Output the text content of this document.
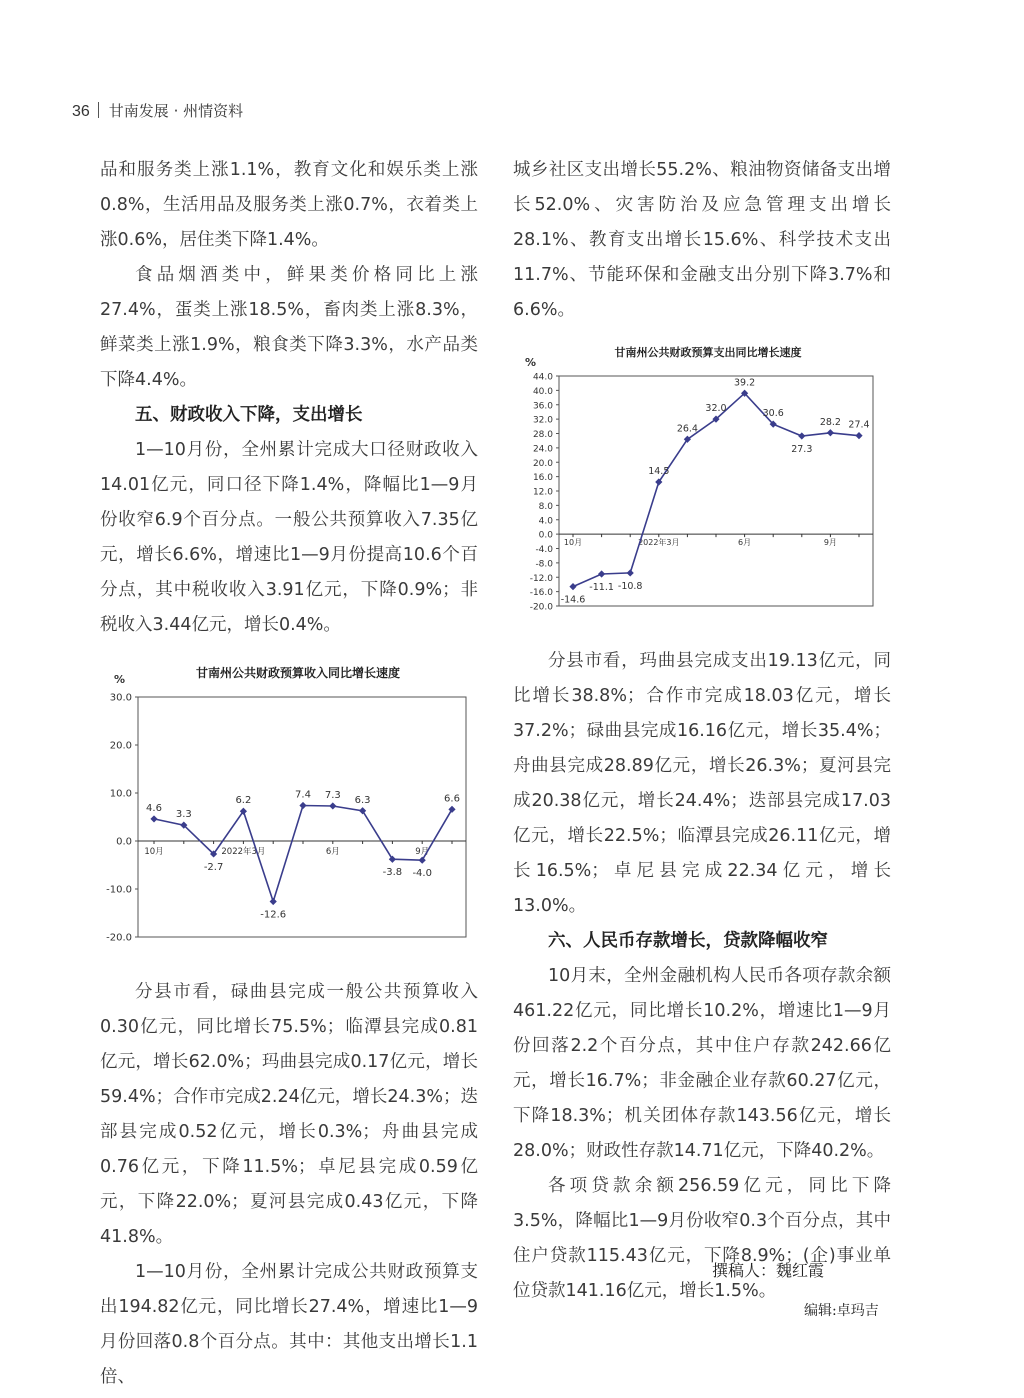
36 甘南发展 · 州情资料

品和服务类上涨1.1%，教育文化和娱乐类上涨0.8%，生活用品及服务类上涨0.7%，衣着类上涨0.6%，居住类下降1.4%。

食品烟酒类中，鲜果类价格同比上涨27.4%，蛋类上涨18.5%，畜肉类上涨8.3%，鲜菜类上涨1.9%，粮食类下降3.3%，水产品类下降4.4%。

五、财政收入下降，支出增长

1—10月份，全州累计完成大口径财政收入14.01亿元，同口径下降1.4%，降幅比1—9月份收窄6.9个百分点。一般公共预算收入7.35亿元，增长6.6%，增速比1—9月份提高10.6个百分点，其中税收收入3.91亿元，下降0.9%；非税收入3.44亿元，增长0.4%。

甘南州公共财政预算收入同比增长速度
%
30.0
20.0
10.0
0.0
-10.0
-20.0
10月	2022年3月	6月	9月
4.6
3.3
-2.7
6.2
-12.6
7.4 7.3 6.3
-3.8 -4.0
6.6

分县市看，碌曲县完成一般公共预算收入0.30亿元，同比增长75.5%；临潭县完成0.81亿元，增长62.0%；玛曲县完成0.17亿元，增长59.4%；合作市完成2.24亿元，增长24.3%；迭部县完成0.52亿元，增长0.3%；舟曲县完成0.76亿元，下降11.5%；卓尼县完成0.59亿元，下降22.0%；夏河县完成0.43亿元，下降41.8%。

1—10月份，全州累计完成公共财政预算支出194.82亿元，同比增长27.4%，增速比1—9月份回落0.8个百分点。其中：其他支出增长1.1倍、

城乡社区支出增长55.2%、粮油物资储备支出增长52.0%、灾害防治及应急管理支出增长28.1%、教育支出增长15.6%、科学技术支出11.7%、节能环保和金融支出分别下降3.7%和6.6%。

甘南州公共财政预算支出同比增长速度
%
44.0
40.0
36.0
32.0
28.0
24.0
20.0
16.0
12.0
8.0
4.0
0.0
-4.0
-8.0
-12.0
-16.0
-20.0
10月	2022年3月	6月	9月
-14.6
-11.1 -10.8
14.5
26.4
32.0
39.2
30.6
27.3
28.2 27.4

分县市看，玛曲县完成支出19.13亿元，同比增长38.8%；合作市完成18.03亿元，增长37.2%；碌曲县完成16.16亿元，增长35.4%；舟曲县完成28.89亿元，增长26.3%；夏河县完成20.38亿元，增长24.4%；迭部县完成17.03亿元，增长22.5%；临潭县完成26.11亿元，增长16.5%；卓尼县完成22.34亿元，增长13.0%。

六、人民币存款增长，贷款降幅收窄

10月末，全州金融机构人民币各项存款余额461.22亿元，同比增长10.2%，增速比1—9月份回落2.2个百分点，其中住户存款242.66亿元，增长16.7%；非金融企业存款60.27亿元，下降18.3%；机关团体存款143.56亿元，增长28.0%；财政性存款14.71亿元，下降40.2%。

各项贷款余额256.59亿元，同比下降3.5%，降幅比1—9月份收窄0.3个百分点，其中住户贷款115.43亿元，下降8.9%；(企)事业单位贷款141.16亿元，增长1.5%。

撰稿人：魏红霞
编辑:卓玛吉
